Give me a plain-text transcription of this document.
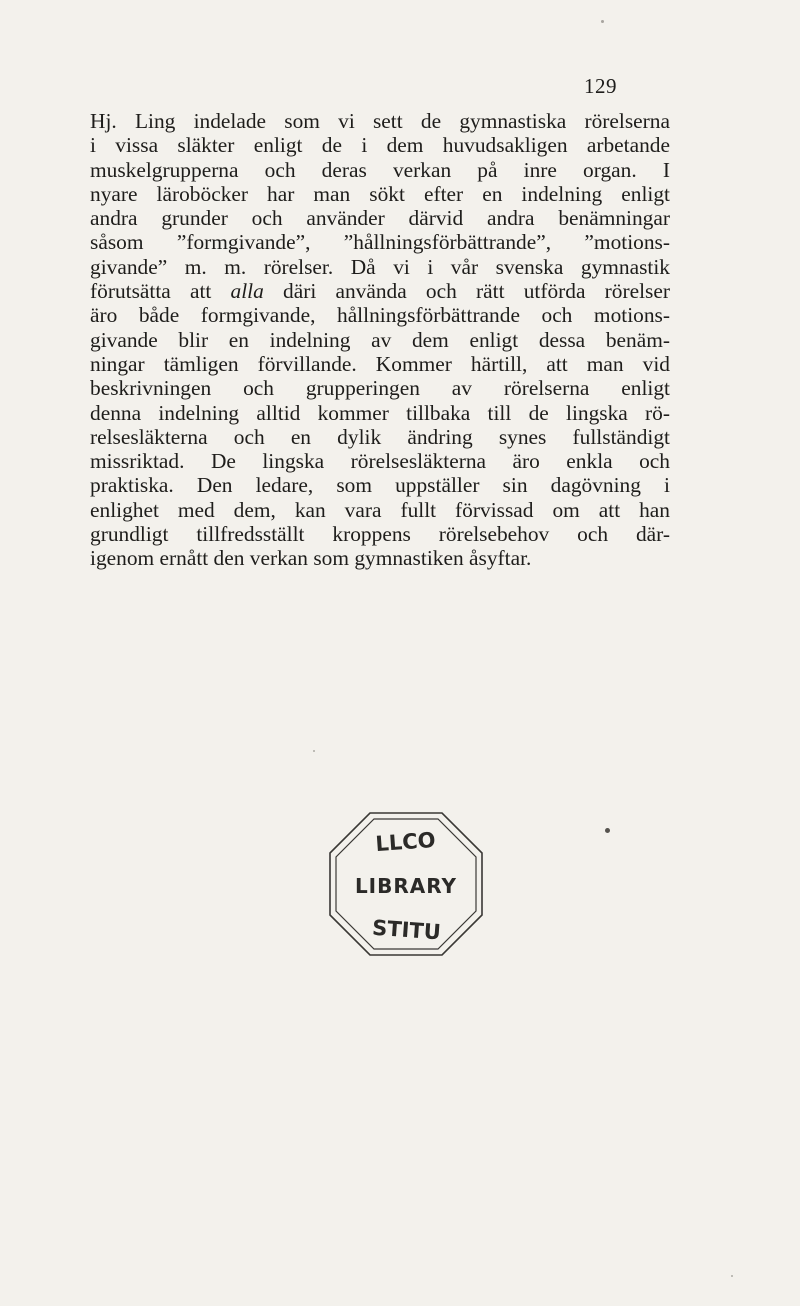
129
Hj. Ling indelade som vi sett de gymnastiska rörelserna
i vissa släkter enligt de i dem huvudsakligen arbetande
muskelgrupperna och deras verkan på inre organ. I
nyare läroböcker har man sökt efter en indelning enligt
andra grunder och använder därvid andra benämningar
såsom ”formgivande”, ”hållningsförbättrande”, ”motions-
givande” m. m. rörelser. Då vi i vår svenska gymnastik
förutsätta att alla däri använda och rätt utförda rörelser
äro både formgivande, hållningsförbättrande och motions-
givande blir en indelning av dem enligt dessa benäm-
ningar tämligen förvillande. Kommer härtill, att man vid
beskrivningen och grupperingen av rörelserna enligt
denna indelning alltid kommer tillbaka till de lingska rö-
relsesläkterna och en dylik ändring synes fullständigt
missriktad. De lingska rörelsesläkterna äro enkla och
praktiska. Den ledare, som uppställer sin dagövning i
enlighet med dem, kan vara fullt förvissad om att han
grundligt tillfredsställt kroppens rörelsebehov och där-
igenom ernått den verkan som gymnastiken åsyftar.
LLCO
LIBRARY
STITU
